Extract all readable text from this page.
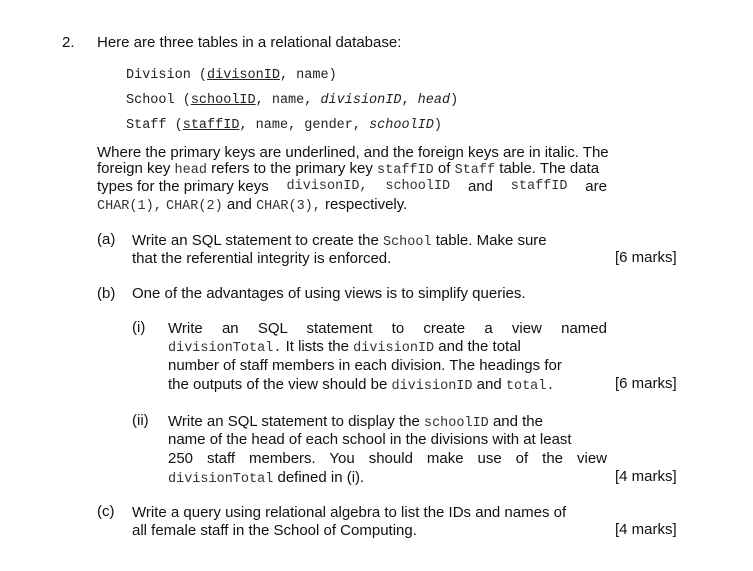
2. Here are three tables in a relational database:
Division (divisonID, name)
School (schoolID, name, divisionID, head)
Staff (staffID, name, gender, schoolID)
Where the primary keys are underlined, and the foreign keys are in italic. The
foreign key head refers to the primary key staffID of Staff table. The data
types for the primary keys divisonID, schoolID and staffID are
CHAR(1), CHAR(2) and CHAR(3), respectively.
(a) Write an SQL statement to create the School table. Make sure
that the referential integrity is enforced.	[6 marks]
(b) One of the advantages of using views is to simplify queries.
(i) Write an SQL statement to create a view named
divisionTotal. It lists the divisionID and the total
number of staff members in each division. The headings for
the outputs of the view should be divisionID and total.	[6 marks]
(ii) Write an SQL statement to display the schoolID and the
name of the head of each school in the divisions with at least
250 staff members. You should make use of the view
divisionTotal defined in (i).	[4 marks]
(c) Write a query using relational algebra to list the IDs and names of
all female staff in the School of Computing.	[4 marks]
